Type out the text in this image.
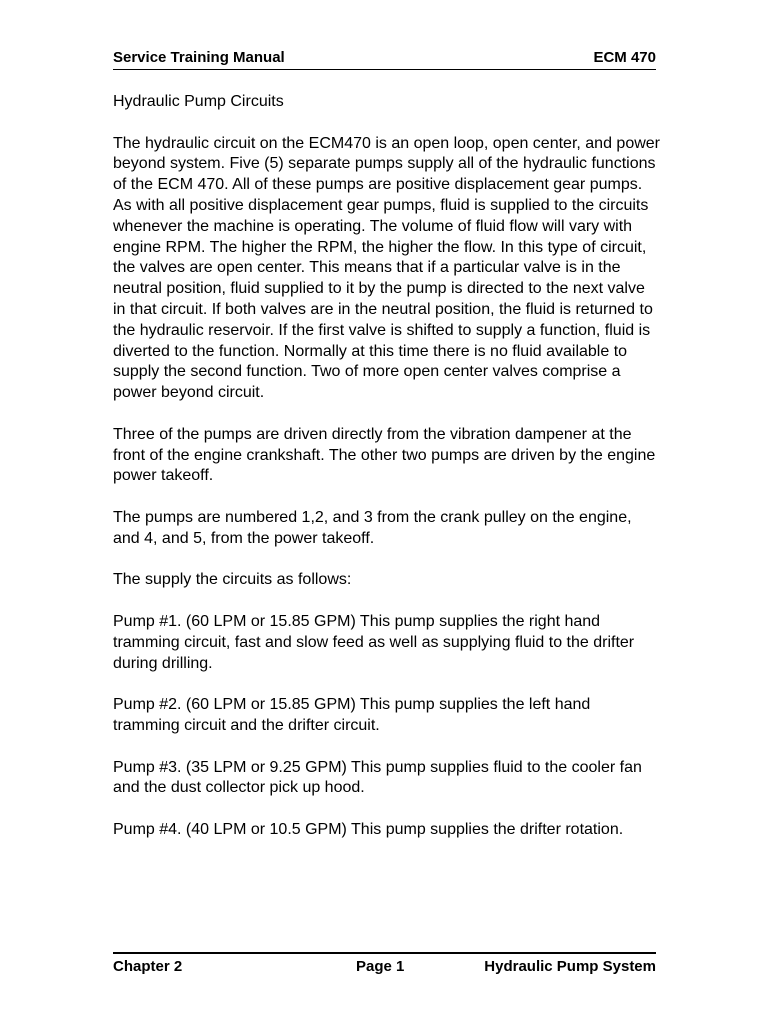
Service Training Manual	ECM 470
Hydraulic Pump Circuits

The hydraulic circuit on the ECM470 is an open loop, open center, and power beyond system. Five (5) separate pumps supply all of the hydraulic functions of the ECM 470. All of these pumps are positive displacement gear pumps. As with all positive displacement gear pumps, fluid is supplied to the circuits whenever the machine is operating. The volume of fluid flow will vary with engine RPM. The higher the RPM, the higher the flow. In this type of circuit, the valves are open center. This means that if a particular valve is in the neutral position, fluid supplied to it by the pump is directed to the next valve in that circuit. If both valves are in the neutral position, the fluid is returned to the hydraulic reservoir. If the first valve is shifted to supply a function, fluid is diverted to the function. Normally at this time there is no fluid available to supply the second function. Two of more open center valves comprise a power beyond circuit.

Three of the pumps are driven directly from the vibration dampener at the front of the engine crankshaft. The other two pumps are driven by the engine power takeoff.

The pumps are numbered 1,2, and 3 from the crank pulley on the engine, and 4, and 5, from the power takeoff.

The supply the circuits as follows:

Pump #1. (60 LPM or 15.85 GPM) This pump supplies the right hand tramming circuit, fast and slow feed as well as supplying fluid to the drifter during drilling.

Pump #2. (60 LPM or 15.85 GPM) This pump supplies the left hand tramming circuit and the drifter circuit.

Pump #3. (35 LPM or 9.25 GPM) This pump supplies fluid to the cooler fan and the dust collector pick up hood.

Pump #4. (40 LPM or 10.5 GPM) This pump supplies the drifter rotation.

Chapter 2	Page 1	Hydraulic Pump System
